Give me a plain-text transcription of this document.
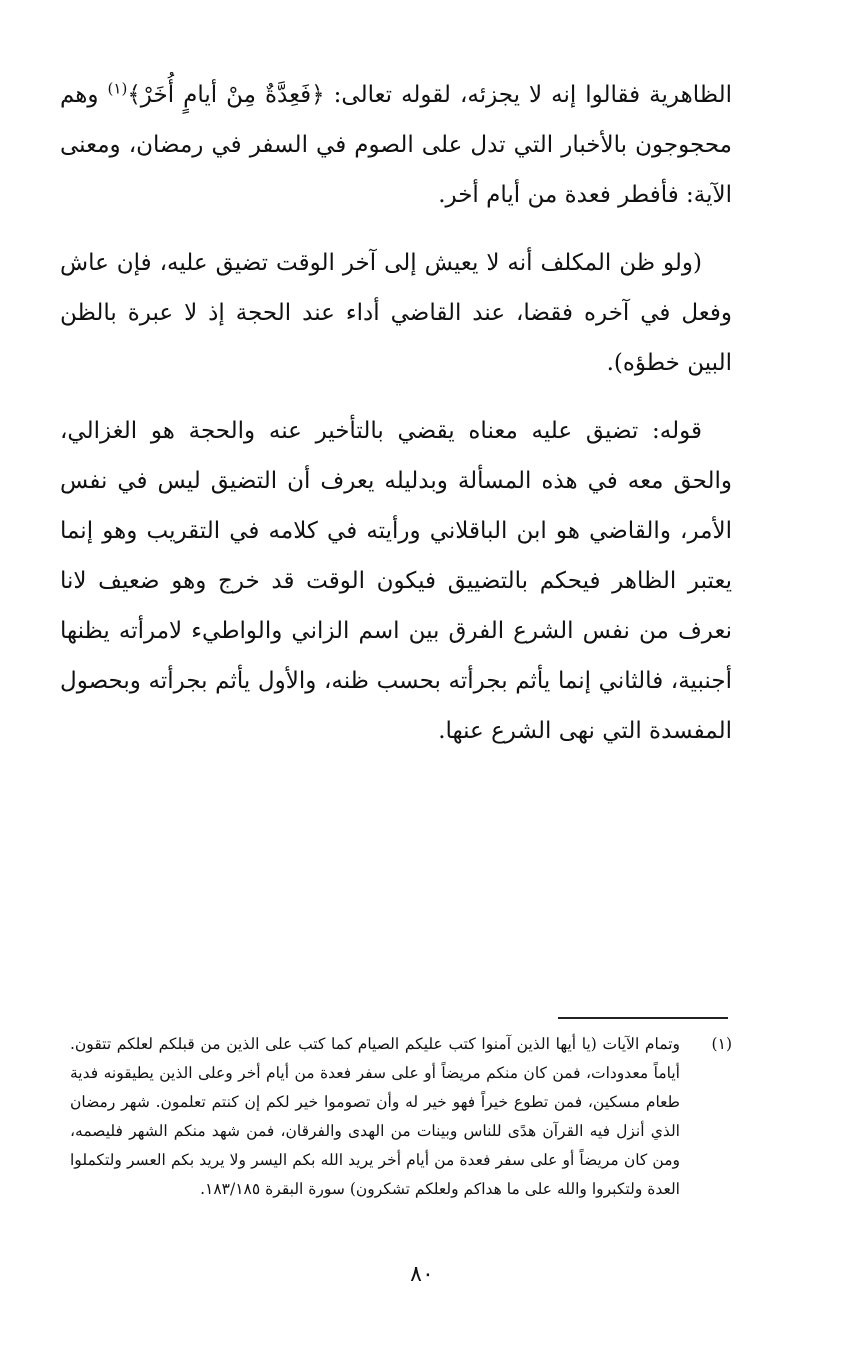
الظاهرية فقالوا إنه لا يجزئه، لقوله تعالى: ﴿فَعِدَّةٌ مِنْ أيامٍ أُخَرْ﴾$^{(١)}$ وهم محجوجون بالأخبار التي تدل على الصوم في السفر في رمضان، ومعنى الآية: فأفطر فعدة من أيام أخر.

(ولو ظن المكلف أنه لا يعيش إلى آخر الوقت تضيق عليه، فإن عاش وفعل في آخره فقضا، عند القاضي أداء عند الحجة إذ لا عبرة بالظن البين خطؤه).

قوله: تضيق عليه معناه يقضي بالتأخير عنه والحجة هو الغزالي، والحق معه في هذه المسألة وبدليله يعرف أن التضيق ليس في نفس الأمر، والقاضي هو ابن الباقلاني ورأيته في كلامه في التقريب وهو إنما يعتبر الظاهر فيحكم بالتضييق فيكون الوقت قد خرج وهو ضعيف لانا نعرف من نفس الشرع الفرق بين اسم الزاني والواطيء لامرأته يظنها أجنبية، فالثاني إنما يأثم بجرأته بحسب ظنه، والأول يأثم بجرأته وبحصول المفسدة التي نهى الشرع عنها.

(١)
وتمام الآيات (يا أيها الذين آمنوا كتب عليكم الصيام كما كتب على الذين من قبلكم لعلكم تتقون. أياماً معدودات، فمن كان منكم مريضاً أو على سفر فعدة من أيام أخر وعلى الذين يطيقونه فدية طعام مسكين، فمن تطوع خيراً فهو خير له وأن تصوموا خير لكم إن كنتم تعلمون. شهر رمضان الذي أنزل فيه القرآن هدًى للناس وبينات من الهدى والفرقان، فمن شهد منكم الشهر فليصمه، ومن كان مريضاً أو على سفر فعدة من أيام أخر يريد الله بكم اليسر ولا يريد بكم العسر ولتكملوا العدة ولتكبروا والله على ما هداكم ولعلكم تشكرون) سورة البقرة ١٨٣/١٨٥.
٨٠
